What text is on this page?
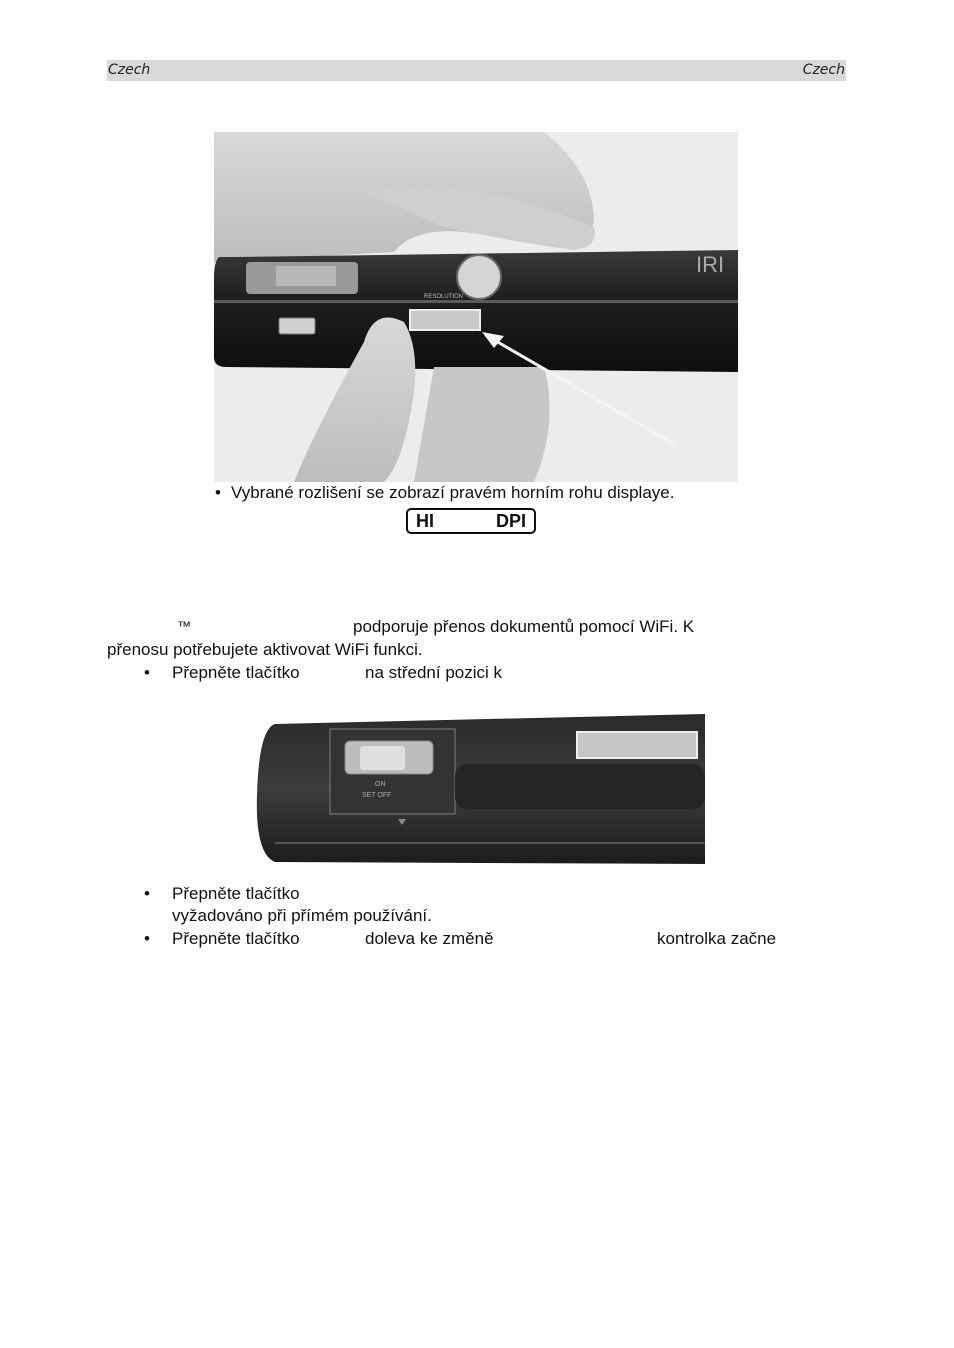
Czech	Czech
RESOLUTION
IRI
• Vybrané rozlišení se zobrazí pravém horním rohu displaye.
HI	DPI
™	podporuje přenos dokumentů pomocí WiFi. K
přenosu potřebujete aktivovat WiFi funkci.
• Přepněte tlačítko	na střední pozici k
ON
SET OFF
• Přepněte tlačítko
vyžadováno při přímém používání.
• Přepněte tlačítko	doleva ke změně	kontrolka začne
